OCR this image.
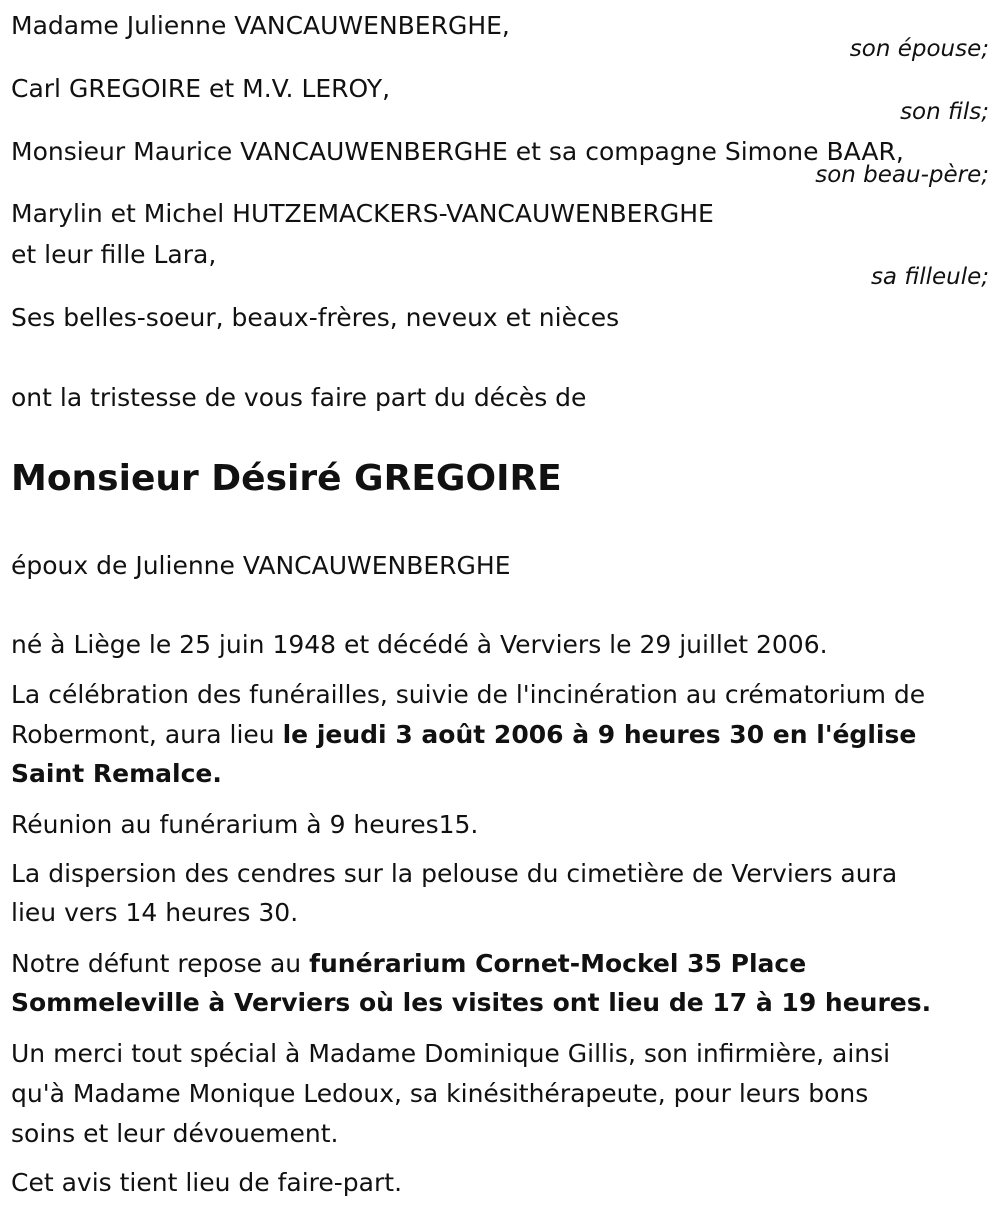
Madame Julienne VANCAUWENBERGHE,
son épouse;
Carl GREGOIRE et M.V. LEROY,
son fils;
Monsieur Maurice VANCAUWENBERGHE et sa compagne Simone BAAR,
son beau-père;
Marylin et Michel HUTZEMACKERS-VANCAUWENBERGHE
et leur fille Lara,
sa filleule;
Ses belles-soeur, beaux-frères, neveux et nièces
ont la tristesse de vous faire part du décès de
Monsieur Désiré GREGOIRE
époux de Julienne VANCAUWENBERGHE
né à Liège le 25 juin 1948 et décédé à Verviers le 29 juillet 2006.
La célébration des funérailles, suivie de l'incinération au crématorium de
Robermont, aura lieu le jeudi 3 août 2006 à 9 heures 30 en l'église
Saint Remalce.
Réunion au funérarium à 9 heures15.
La dispersion des cendres sur la pelouse du cimetière de Verviers aura
lieu vers 14 heures 30.
Notre défunt repose au funérarium Cornet-Mockel 35 Place
Sommeleville à Verviers où les visites ont lieu de 17 à 19 heures.
Un merci tout spécial à Madame Dominique Gillis, son infirmière, ainsi
qu'à Madame Monique Ledoux, sa kinésithérapeute, pour leurs bons
soins et leur dévouement.
Cet avis tient lieu de faire-part.
